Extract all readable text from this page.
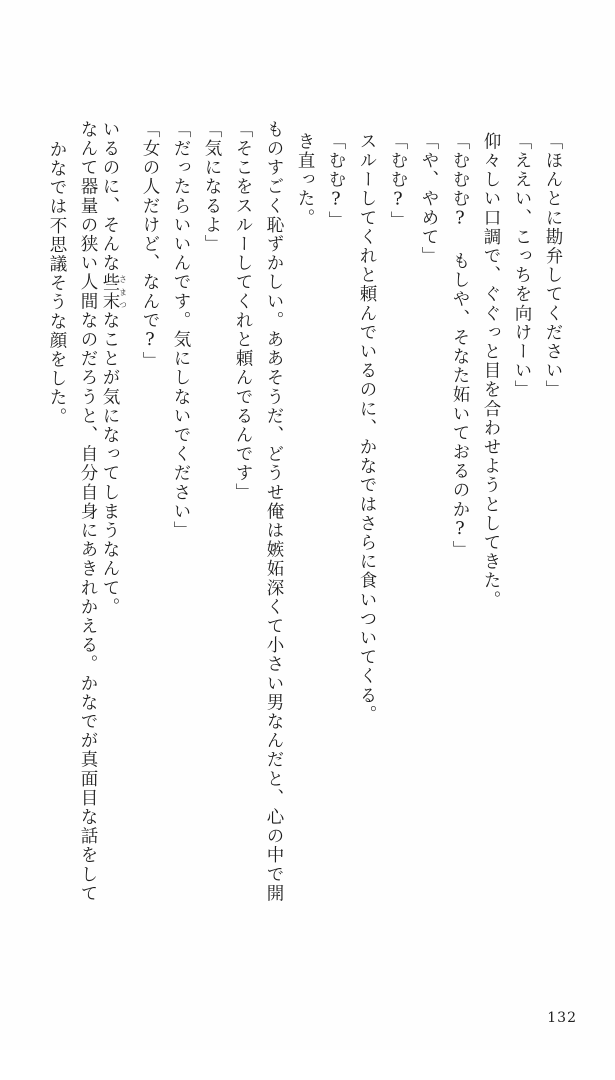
かなでは不思議そうな顔をした。 なんて器量の狭い人間なのだろうと、自分自身にあきれかえる。かなでが真面目な話をして いるのに、そんな些末さまつなことが気になってしまうなんて。
「女の人だけど、なんで?」 「だったらいいんです。気にしないでください」 「気になるよ」 「そこをスルーしてくれと頼んでるんです」 ものすごく恥ずかしい。ああそうだ、どうせ俺は嫉妬深くて小さい男なんだと、心の中で開 き直った。 「むむ?」 スルーしてくれと頼んでいるのに、かなではさらに食いついてくる。 「むむ?」 「や、やめて」 「むむむ? もしや、そなた妬いておるのか?」 仰々しい口調で、ぐぐっと目を合わせようとしてきた。 「ええい、こっちを向けーい」 「ほんとに勘弁してください」
132
